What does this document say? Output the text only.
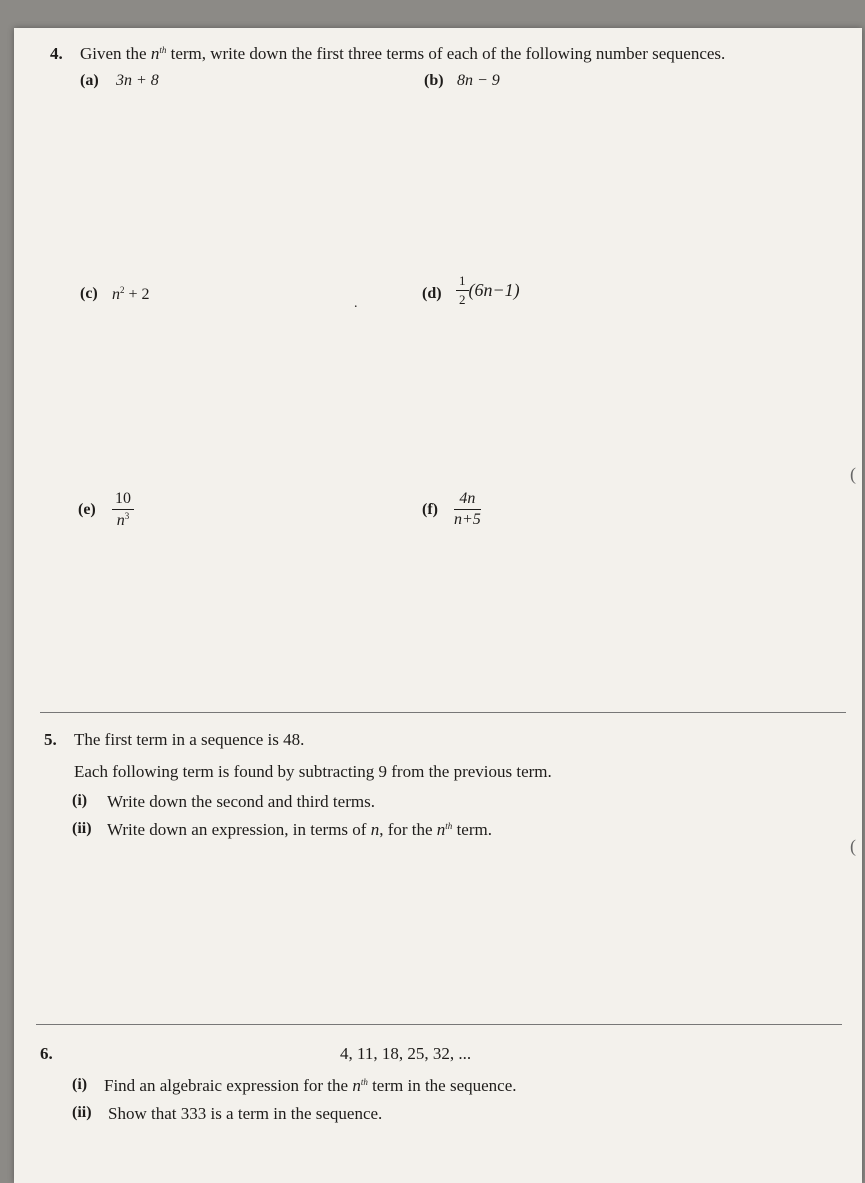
4. Given the $n^{th}$ term, write down the first three terms of each of the following number sequences.
(a) 3n + 8	(b) 8n − 9
(c) $n^2 + 2$	$(d) \frac{1}{2} (6n-1)$
$(e) \frac{10}{n^3}$	$(f) \frac{4n}{n+5}$
.
5. The first term in a sequence is 48.
Each following term is found by subtracting 9 from the previous term.
(i) Write down the second and third terms.
(ii) Write down an expression, in terms of n, for the $n^{th}$ term.
6.	4, 11, 18, 25, 32, ...
(i) Find an algebraic expression for the $n^{th}$ term in the sequence.
(ii) Show that 333 is a term in the sequence.
(
(
